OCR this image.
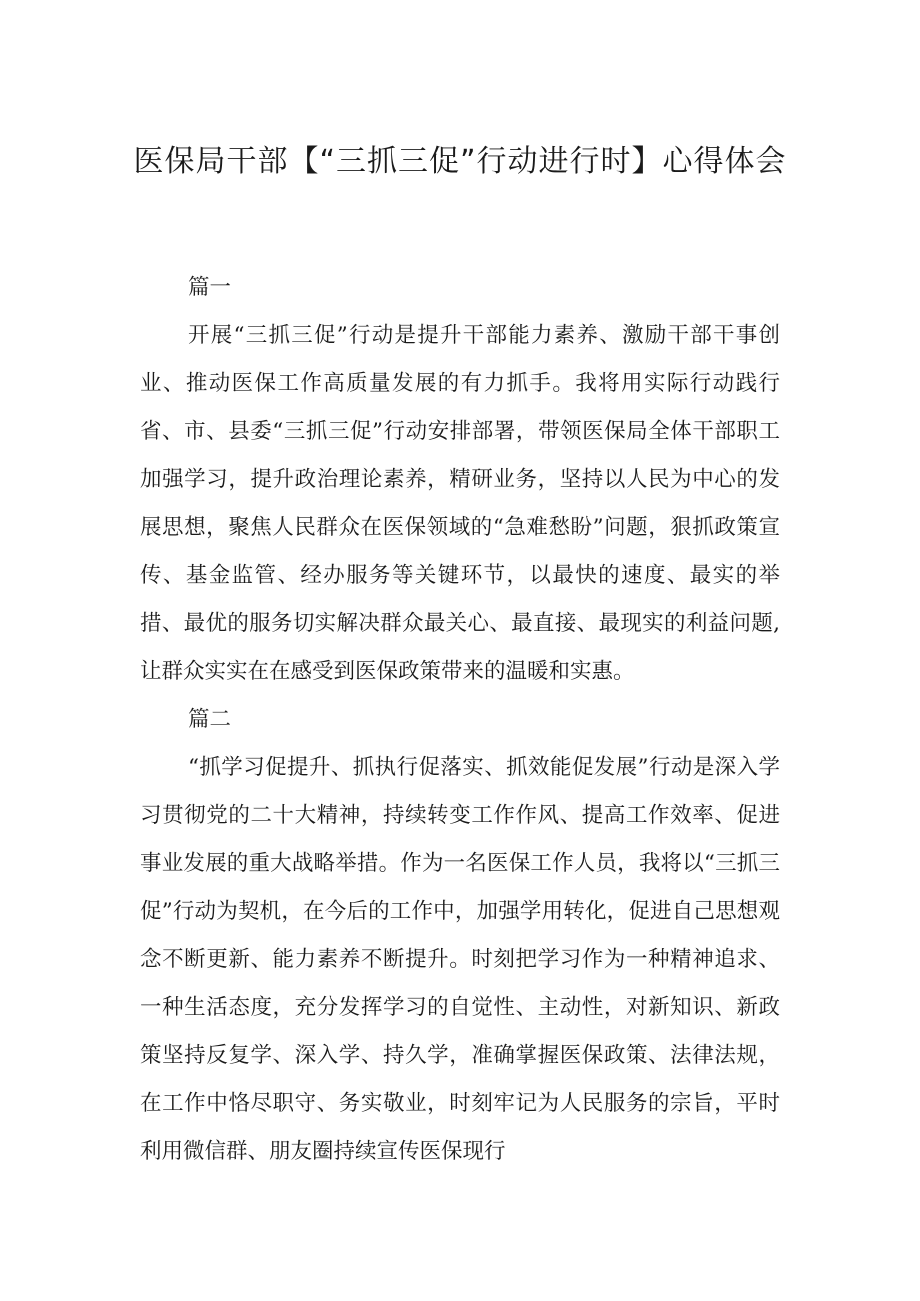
医保局干部【“三抓三促”行动进行时】心得体会

篇一

开展“三抓三促”行动是提升干部能力素养、激励干部干事创业、推动医保工作高质量发展的有力抓手。我将用实际行动践行省、市、县委“三抓三促”行动安排部署，带领医保局全体干部职工加强学习，提升政治理论素养，精研业务，坚持以人民为中心的发展思想，聚焦人民群众在医保领域的“急难愁盼”问题，狠抓政策宣传、基金监管、经办服务等关键环节，以最快的速度、最实的举措、最优的服务切实解决群众最关心、最直接、最现实的利益问题,让群众实实在在感受到医保政策带来的温暖和实惠。

篇二

“抓学习促提升、抓执行促落实、抓效能促发展”行动是深入学习贯彻党的二十大精神，持续转变工作作风、提高工作效率、促进事业发展的重大战略举措。作为一名医保工作人员，我将以“三抓三促”行动为契机，在今后的工作中，加强学用转化，促进自己思想观念不断更新、能力素养不断提升。时刻把学习作为一种精神追求、一种生活态度，充分发挥学习的自觉性、主动性，对新知识、新政策坚持反复学、深入学、持久学，准确掌握医保政策、法律法规，在工作中恪尽职守、务实敬业，时刻牢记为人民服务的宗旨，平时利用微信群、朋友圈持续宣传医保现行
